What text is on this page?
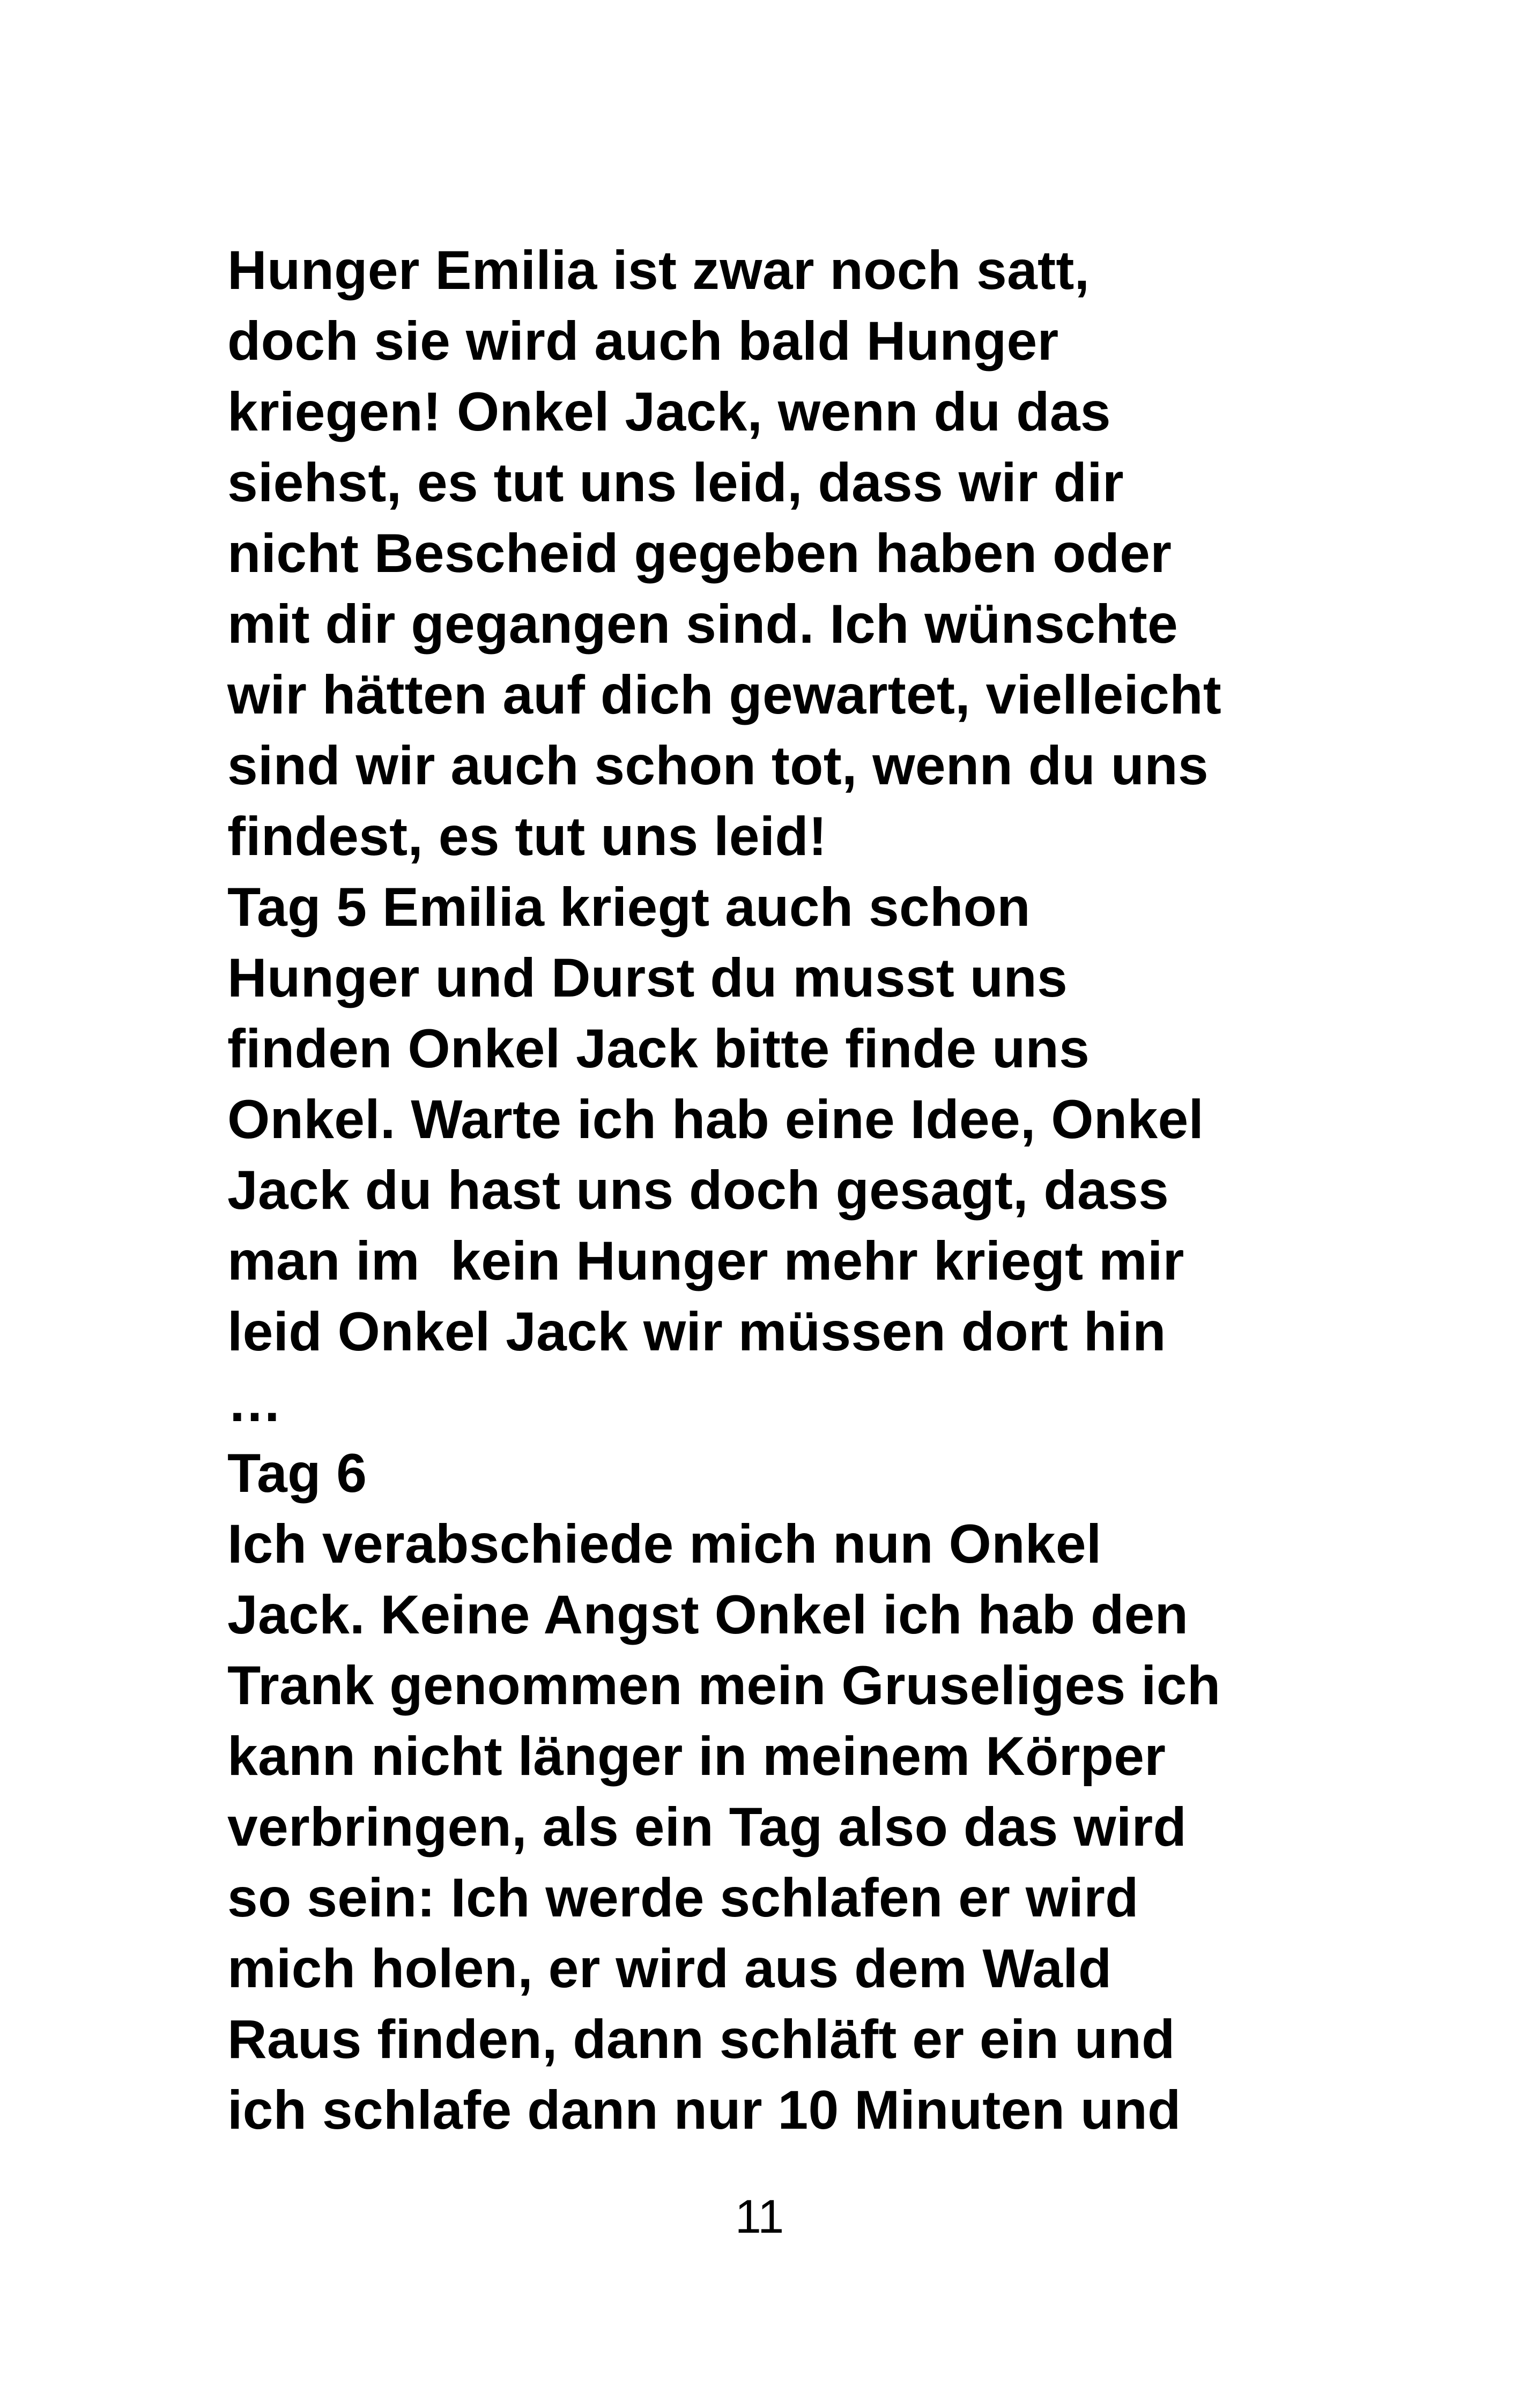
Hunger Emilia ist zwar noch satt,
doch sie wird auch bald Hunger
kriegen! Onkel Jack, wenn du das
siehst, es tut uns leid, dass wir dir
nicht Bescheid gegeben haben oder
mit dir gegangen sind. Ich wünschte
wir hätten auf dich gewartet, vielleicht
sind wir auch schon tot, wenn du uns
findest, es tut uns leid!
Tag 5 Emilia kriegt auch schon
Hunger und Durst du musst uns
finden Onkel Jack bitte finde uns
Onkel. Warte ich hab eine Idee, Onkel
Jack du hast uns doch gesagt, dass
man im  kein Hunger mehr kriegt mir
leid Onkel Jack wir müssen dort hin
…
Tag 6
Ich verabschiede mich nun Onkel
Jack. Keine Angst Onkel ich hab den
Trank genommen mein Gruseliges ich
kann nicht länger in meinem Körper
verbringen, als ein Tag also das wird
so sein: Ich werde schlafen er wird
mich holen, er wird aus dem Wald
Raus finden, dann schläft er ein und
ich schlafe dann nur 10 Minuten und
11
